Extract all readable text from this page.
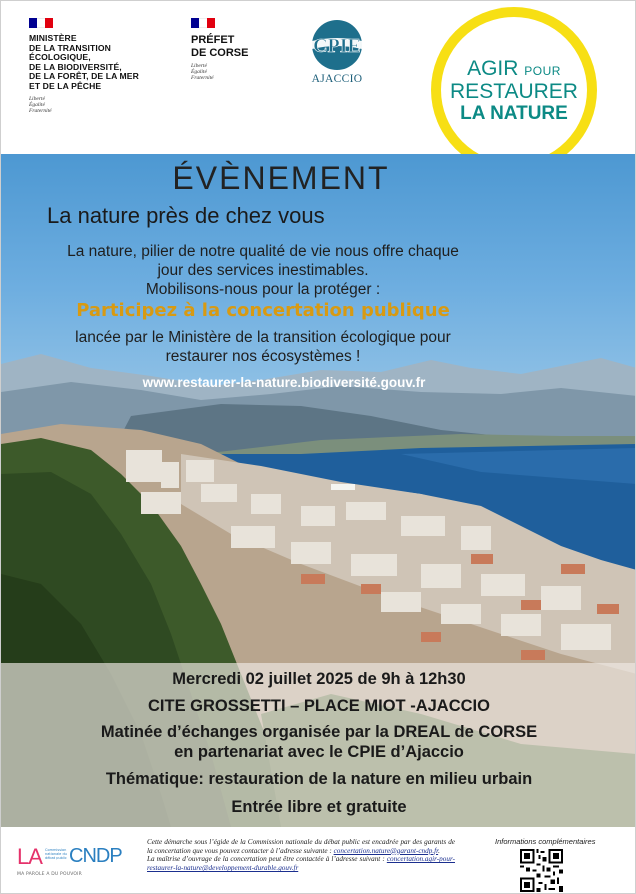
MINISTÈRE
DE LA TRANSITION
ÉCOLOGIQUE,
DE LA BIODIVERSITÉ,
DE LA FORÊT, DE LA MER
ET DE LA PÊCHE
Liberté
Égalité
Fraternité
PRÉFET
DE CORSE
Liberté
Égalité
Fraternité
CPIE
AJACCIO	AGIR POUR
RESTAURER
LA NATURE
ÉVÈNEMENT
La nature près de chez vous
La nature, pilier de notre qualité de vie nous offre chaque
jour des services inestimables.
Mobilisons-nous pour la protéger :
Participez à la concertation publique
lancée par le Ministère de la transition écologique pour
restaurer nos écosystèmes !
www.restaurer-la-nature.biodiversité.gouv.fr
Mercredi 02 juillet 2025 de 9h à 12h30
CITE GROSSETTI – PLACE MIOT -AJACCIO
Matinée d’échanges organisée par la DREAL de CORSE
en partenariat avec le CPIE d’Ajaccio
Thématique: restauration de la nature en milieu urbain
Entrée libre et gratuite
LA Commission
nationale du
débat public CNDP
MA PAROLE A DU POUVOIR
Cette démarche sous l’égide de la Commission nationale du débat public est encadrée par des garants de la concertation que vous pouvez contacter à l’adresse suivante : concertation.nature@garant-cndp.fr.
La maîtrise d’ouvrage de la concertation peut être contactée à l’adresse suivant : concertation.agir-pour-restaurer-la-nature@developpement-durable.gouv.fr
Informations complémentaires
